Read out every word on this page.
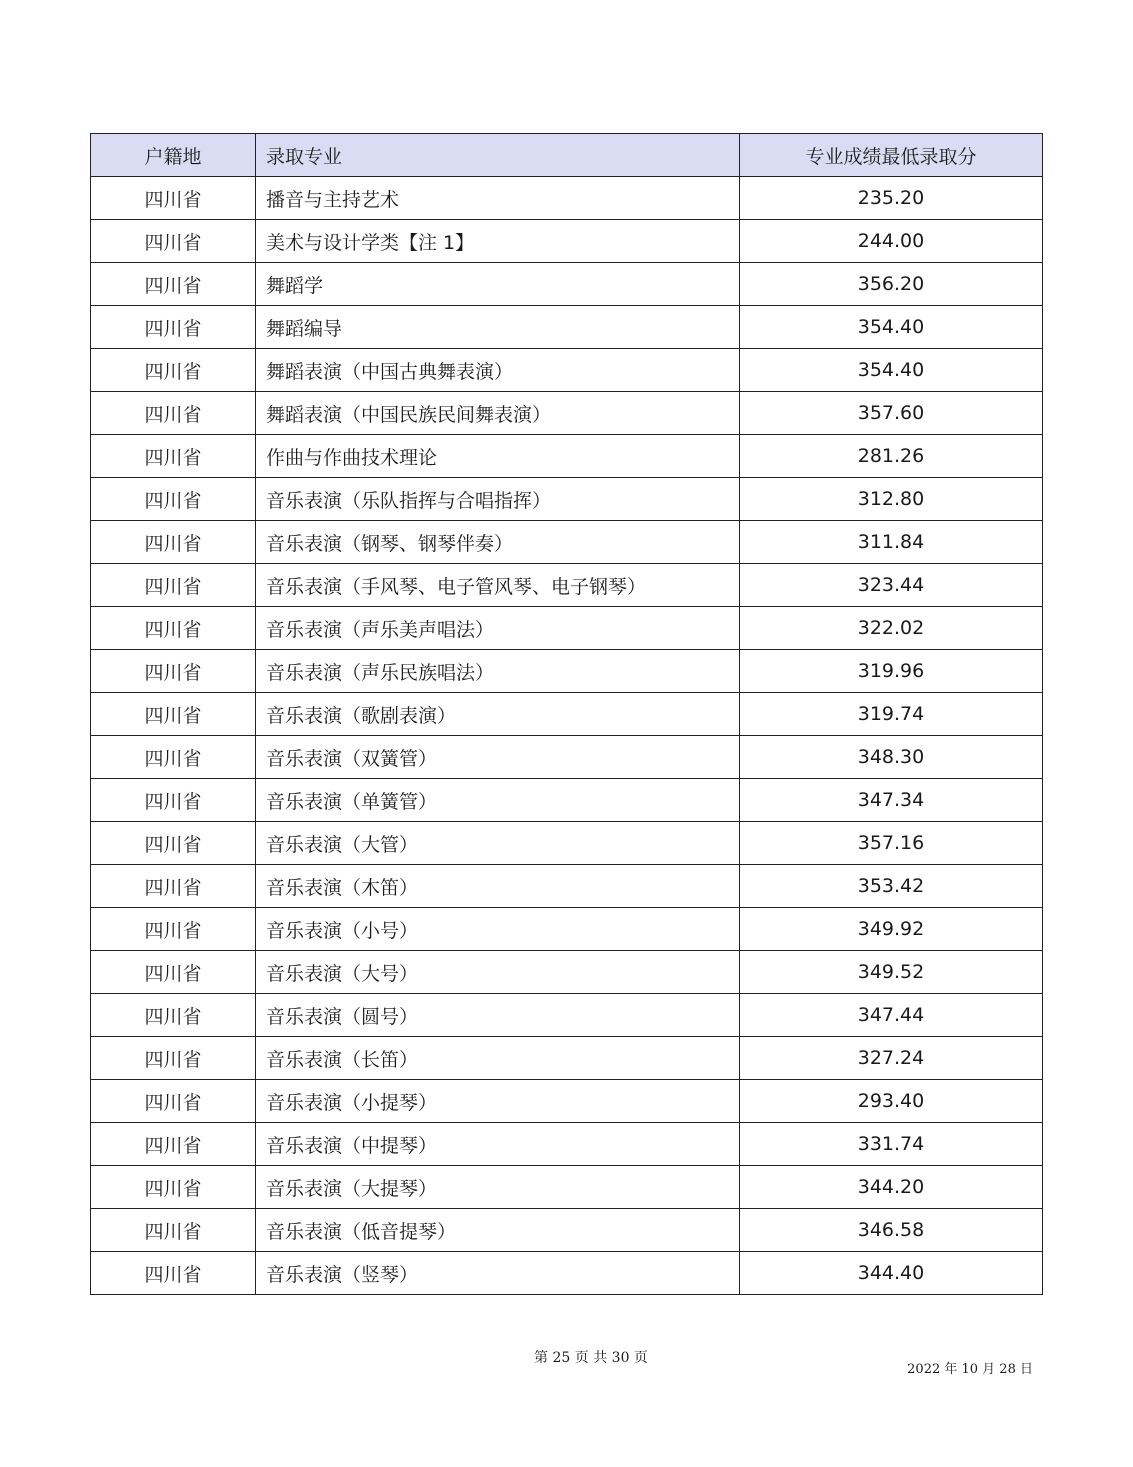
户籍地	录取专业	专业成绩最低录取分
四川省	播音与主持艺术	235.20
四川省	美术与设计学类【注 1】	244.00
四川省	舞蹈学	356.20
四川省	舞蹈编导	354.40
四川省	舞蹈表演（中国古典舞表演）	354.40
四川省	舞蹈表演（中国民族民间舞表演）	357.60
四川省	作曲与作曲技术理论	281.26
四川省	音乐表演（乐队指挥与合唱指挥）	312.80
四川省	音乐表演（钢琴、钢琴伴奏）	311.84
四川省	音乐表演（手风琴、电子管风琴、电子钢琴）	323.44
四川省	音乐表演（声乐美声唱法）	322.02
四川省	音乐表演（声乐民族唱法）	319.96
四川省	音乐表演（歌剧表演）	319.74
四川省	音乐表演（双簧管）	348.30
四川省	音乐表演（单簧管）	347.34
四川省	音乐表演（大管）	357.16
四川省	音乐表演（木笛）	353.42
四川省	音乐表演（小号）	349.92
四川省	音乐表演（大号）	349.52
四川省	音乐表演（圆号）	347.44
四川省	音乐表演（长笛）	327.24
四川省	音乐表演（小提琴）	293.40
四川省	音乐表演（中提琴）	331.74
四川省	音乐表演（大提琴）	344.20
四川省	音乐表演（低音提琴）	346.58
四川省	音乐表演（竖琴）	344.40
第 25 页 共 30 页
2022 年 10 月 28 日
